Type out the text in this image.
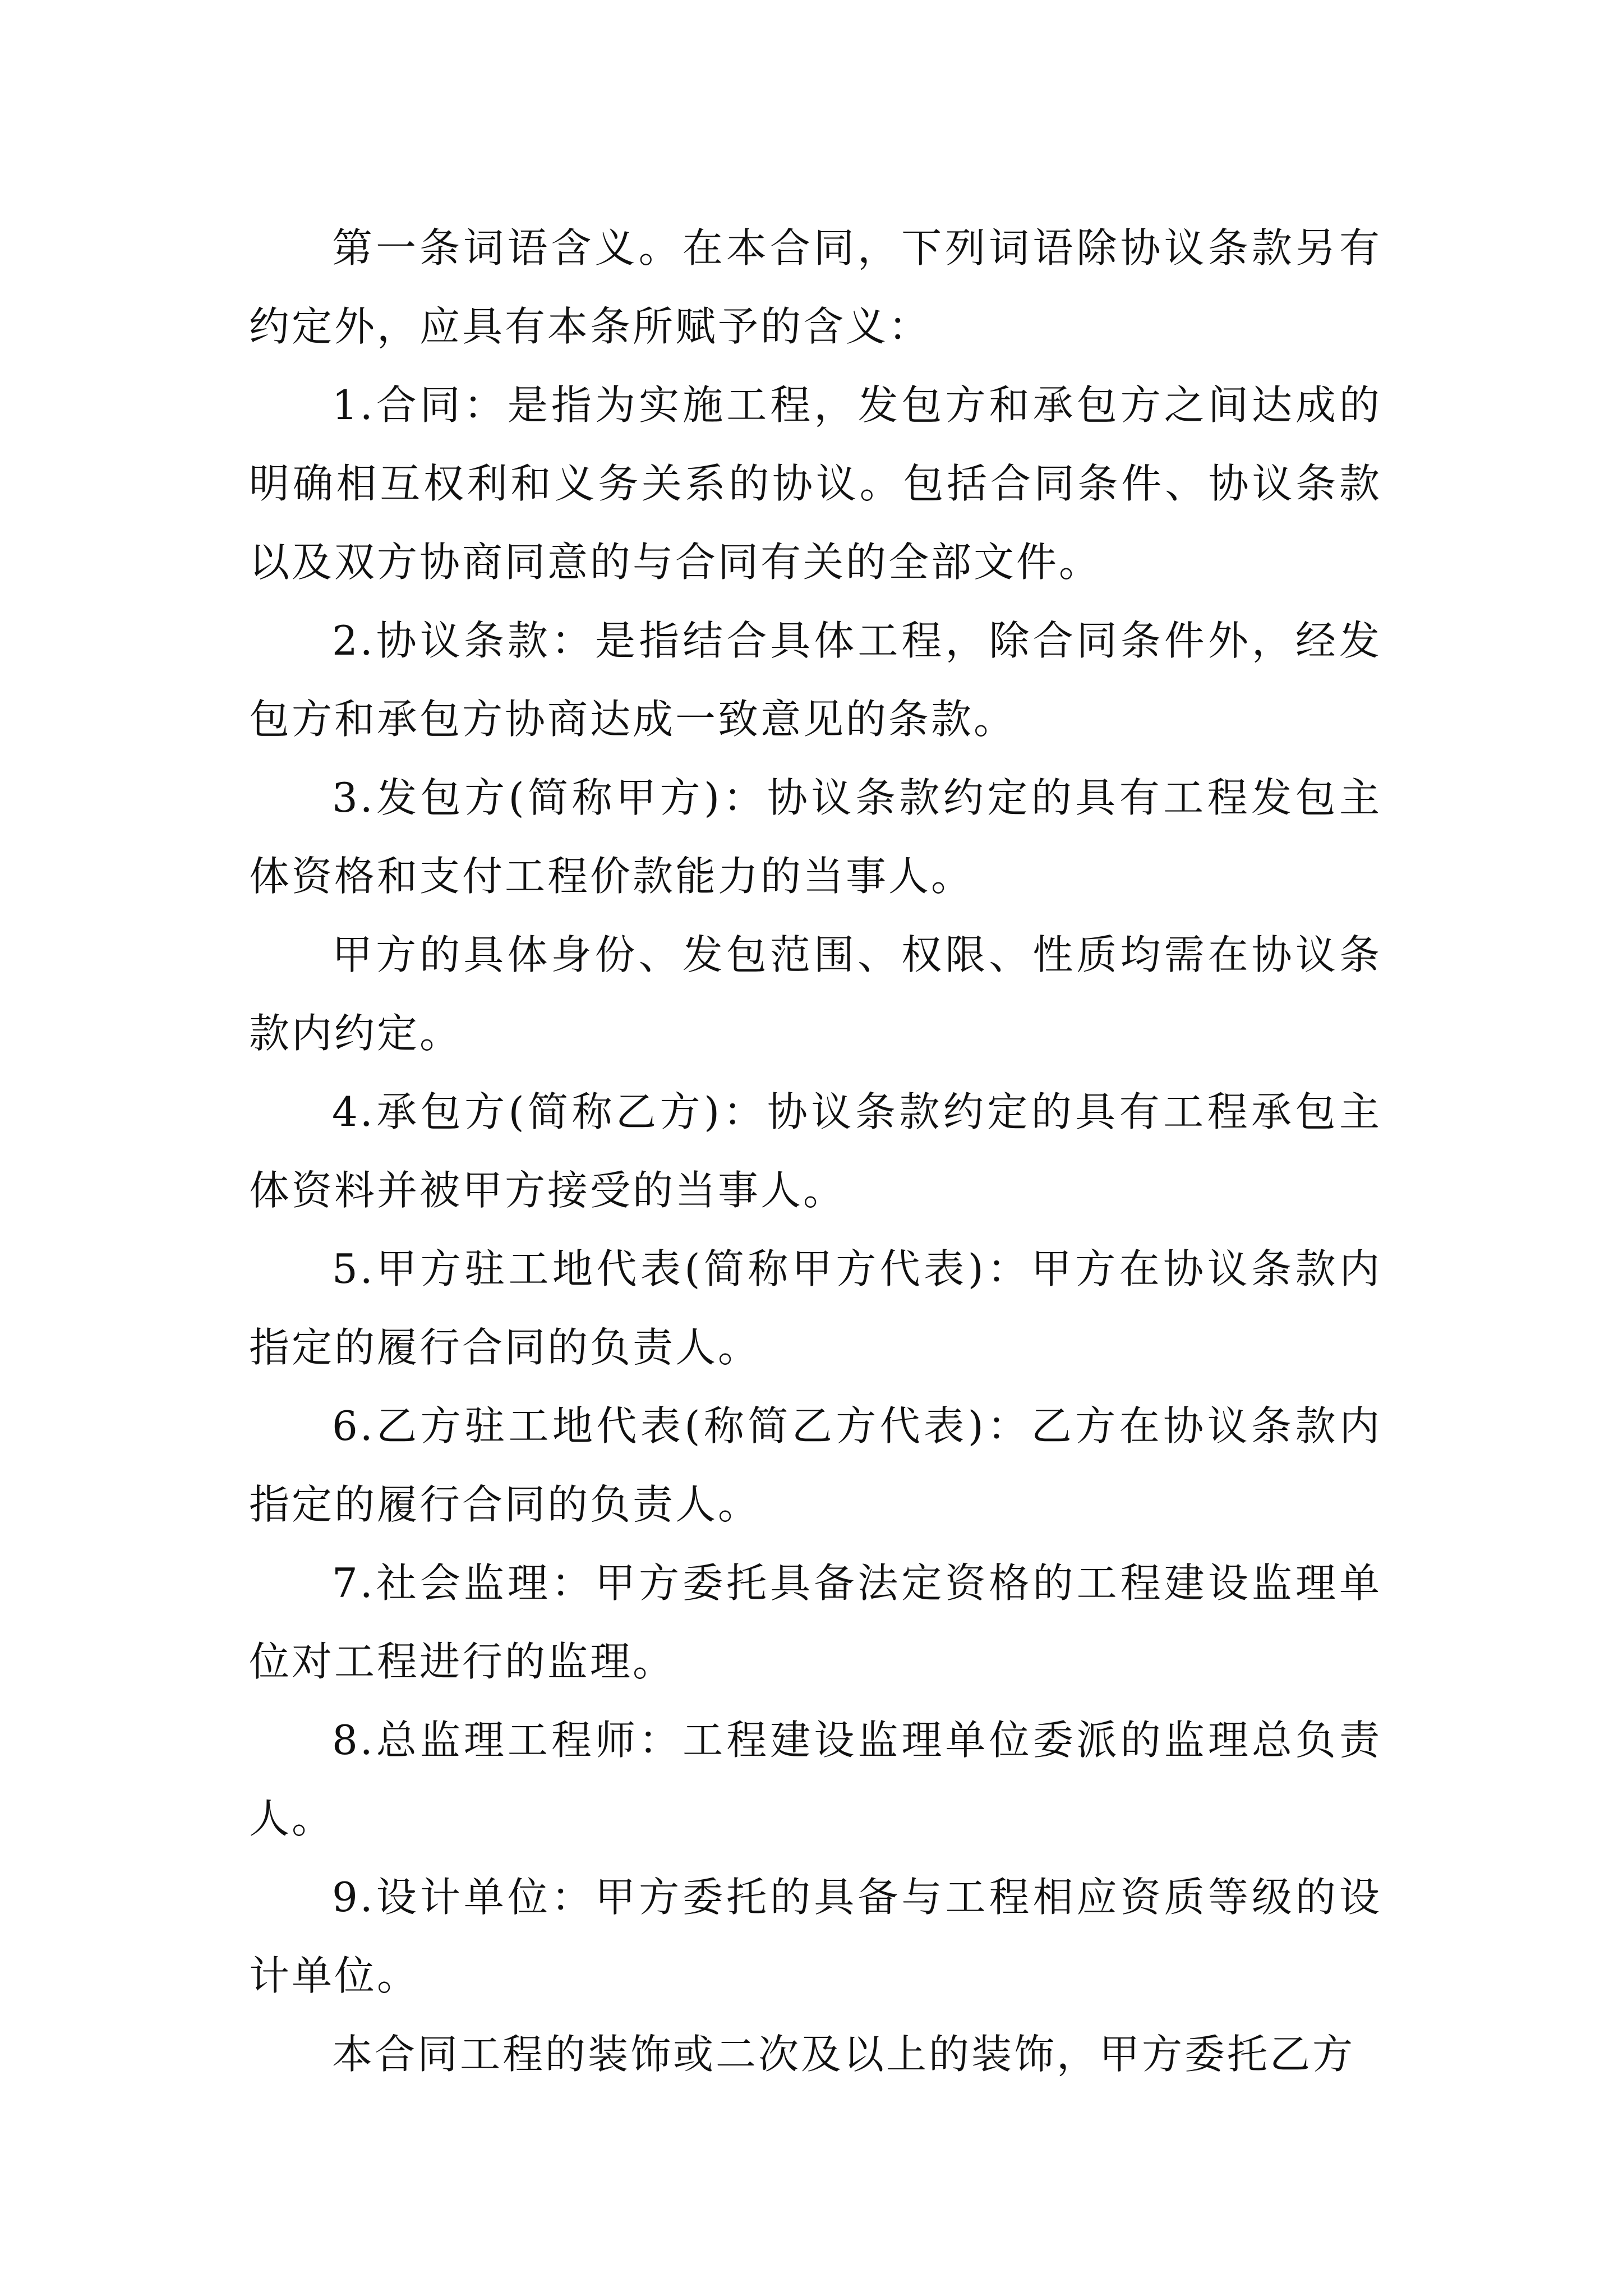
第一条词语含义。在本合同，下列词语除协议条款另有约定外，应具有本条所赋予的含义：

1.合同：是指为实施工程，发包方和承包方之间达成的明确相互权利和义务关系的协议。包括合同条件、协议条款以及双方协商同意的与合同有关的全部文件。

2.协议条款：是指结合具体工程，除合同条件外，经发包方和承包方协商达成一致意见的条款。

3.发包方(简称甲方)：协议条款约定的具有工程发包主体资格和支付工程价款能力的当事人。

甲方的具体身份、发包范围、权限、性质均需在协议条款内约定。

4.承包方(简称乙方)：协议条款约定的具有工程承包主体资料并被甲方接受的当事人。

5.甲方驻工地代表(简称甲方代表)：甲方在协议条款内指定的履行合同的负责人。

6.乙方驻工地代表(称简乙方代表)：乙方在协议条款内指定的履行合同的负责人。

7.社会监理：甲方委托具备法定资格的工程建设监理单位对工程进行的监理。

8.总监理工程师：工程建设监理单位委派的监理总负责人。

9.设计单位：甲方委托的具备与工程相应资质等级的设计单位。

本合同工程的装饰或二次及以上的装饰，甲方委托乙方
